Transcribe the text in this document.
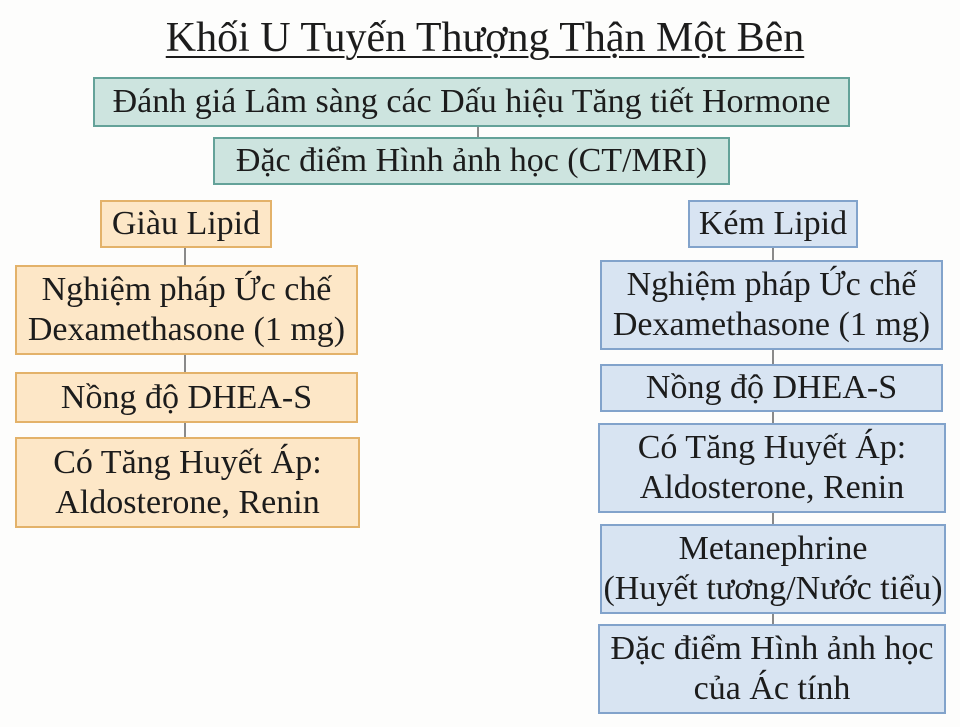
Khối U Tuyến Thượng Thận Một Bên
Đánh giá Lâm sàng các Dấu hiệu Tăng tiết Hormone
Đặc điểm Hình ảnh học (CT/MRI)
Giàu Lipid
Nghiệm pháp Ức chế
Dexamethasone (1 mg)
Nồng độ DHEA-S
Có Tăng Huyết Áp:
Aldosterone, Renin
Kém Lipid
Nghiệm pháp Ức chế
Dexamethasone (1 mg)
Nồng độ DHEA-S
Có Tăng Huyết Áp:
Aldosterone, Renin
Metanephrine
(Huyết tương/Nước tiểu)
Đặc điểm Hình ảnh học
của Ác tính
